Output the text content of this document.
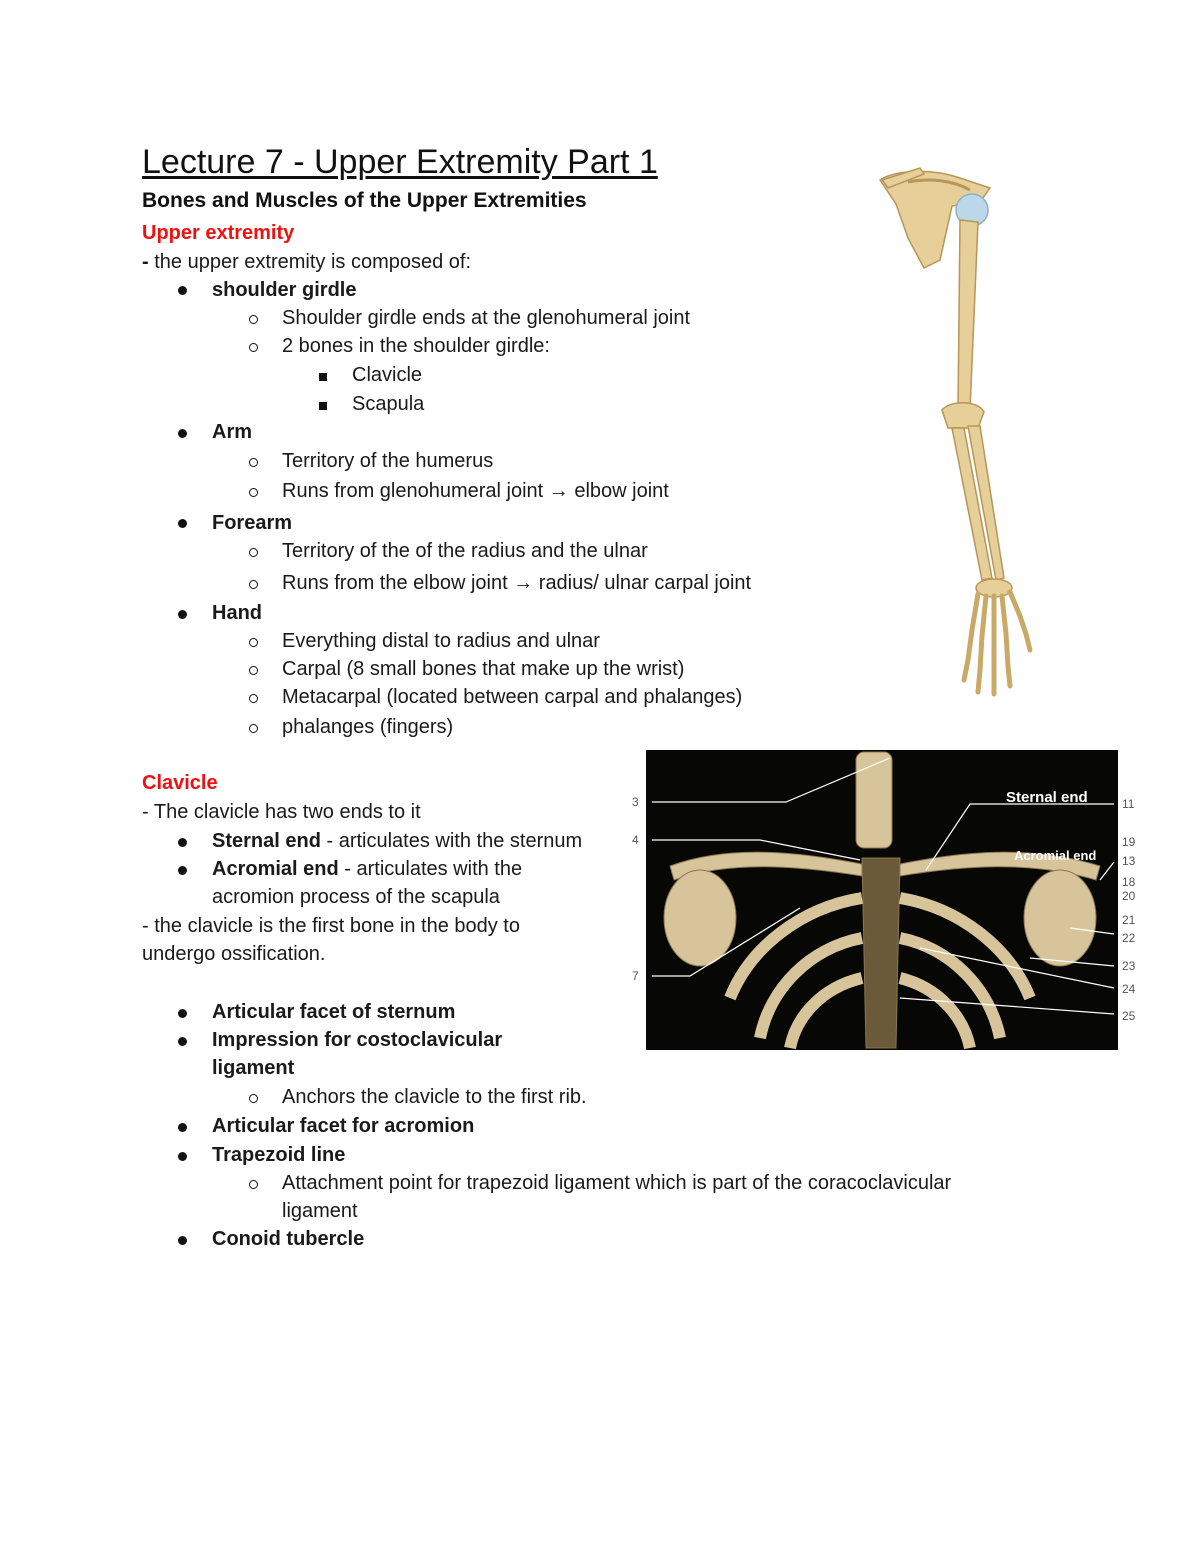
Lecture 7 - Upper Extremity Part 1
Bones and Muscles of the Upper Extremities
Upper extremity
- the upper extremity is composed of:
shoulder girdle
Shoulder girdle ends at the glenohumeral joint
2 bones in the shoulder girdle:
Clavicle
Scapula
Arm
Territory of the humerus
Runs from glenohumeral joint → elbow joint
Forearm
Territory of the of the radius and the ulnar
Runs from the elbow joint → radius/ ulnar carpal joint
Hand
Everything distal to radius and ulnar
Carpal (8 small bones that make up the wrist)
Metacarpal (located between carpal and phalanges)
phalanges (fingers)
Clavicle
- The clavicle has two ends to it
Sternal end - articulates with the sternum
Acromial end - articulates with the
acromion process of the scapula
- the clavicle is the first bone in the body to
undergo ossification.
Articular facet of sternum
Impression for costoclavicular
ligament
Anchors the clavicle to the first rib.
Articular facet for acromion
Trapezoid line
Attachment point for trapezoid ligament which is part of the coracoclavicular
ligament
Conoid tubercle
Sternal end
Acromial end
3
4
7
11
19
13
18
20
21
22
23
24
25
